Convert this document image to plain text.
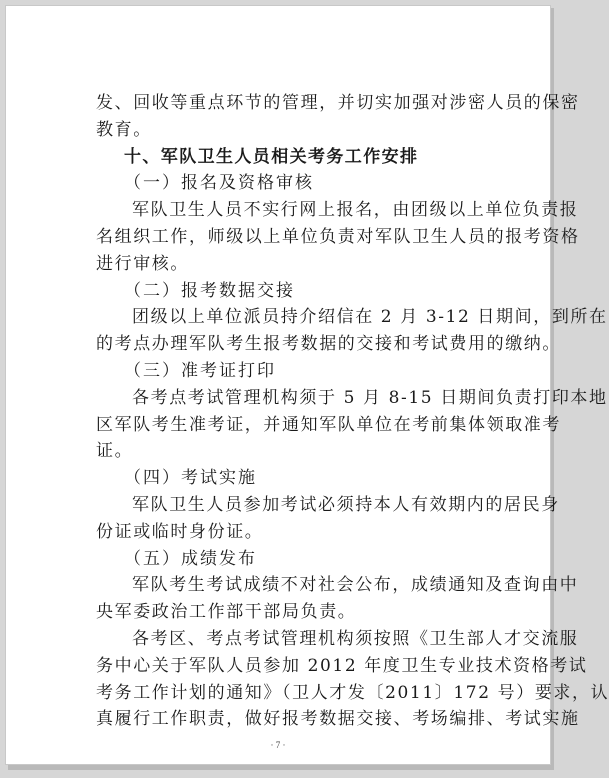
发、回收等重点环节的管理，并切实加强对涉密人员的保密
教育。
十、军队卫生人员相关考务工作安排
（一）报名及资格审核
军队卫生人员不实行网上报名，由团级以上单位负责报
名组织工作，师级以上单位负责对军队卫生人员的报考资格
进行审核。
（二）报考数据交接
团级以上单位派员持介绍信在 2 月 3-12 日期间，到所在
的考点办理军队考生报考数据的交接和考试费用的缴纳。
（三）准考证打印
各考点考试管理机构须于 5 月 8-15 日期间负责打印本地
区军队考生准考证，并通知军队单位在考前集体领取准考
证。
（四）考试实施
军队卫生人员参加考试必须持本人有效期内的居民身
份证或临时身份证。
（五）成绩发布
军队考生考试成绩不对社会公布，成绩通知及查询由中
央军委政治工作部干部局负责。
各考区、考点考试管理机构须按照《卫生部人才交流服
务中心关于军队人员参加 2012 年度卫生专业技术资格考试
考务工作计划的通知》（卫人才发〔2011〕172 号）要求，认
真履行工作职责，做好报考数据交接、考场编排、考试实施
· 7 ·
